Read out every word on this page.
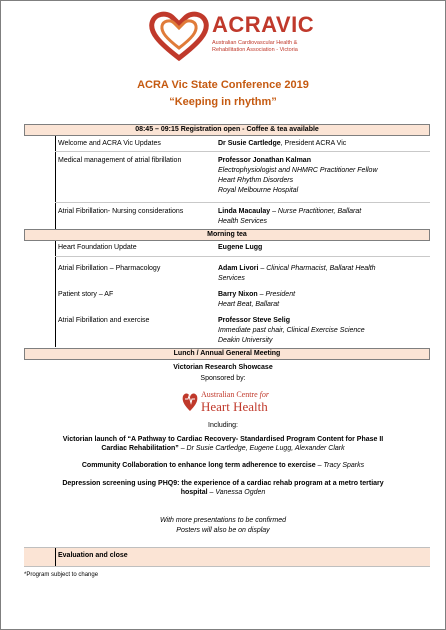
ACRAVIC
Australian Cardiovascular Health &
Rehabilitation Association - Victoria
ACRA Vic State Conference 2019
“Keeping in rhythm”
08:45 – 09:15 Registration open - Coffee & tea available
Welcome and ACRA Vic Updates	Dr Susie Cartledge, President ACRA Vic
Medical management of atrial fibrillation	Professor Jonathan Kalman
Electrophysiologist and NHMRC Practitioner Fellow
Heart Rhythm Disorders
Royal Melbourne Hospital
Atrial Fibrillation- Nursing considerations	Linda Macaulay – Nurse Practitioner, Ballarat
Health Services
Morning tea
Heart Foundation Update	Eugene Lugg
Atrial Fibrillation – Pharmacology	Adam Livori – Clinical Pharmacist, Ballarat Health
Services
Patient story – AF	Barry Nixon – President
Heart Beat, Ballarat
Atrial Fibrillation and exercise	Professor Steve Selig
Immediate past chair, Clinical Exercise Science
Deakin University
Lunch / Annual General Meeting
Victorian Research Showcase
Sponsored by:
Australian Centre for
Heart Health
Including:
Victorian launch of “A Pathway to Cardiac Recovery- Standardised Program Content for Phase II
Cardiac Rehabilitation” – Dr Susie Cartledge, Eugene Lugg, Alexander Clark
Community Collaboration to enhance long term adherence to exercise – Tracy Sparks
Depression screening using PHQ9: the experience of a cardiac rehab program at a metro tertiary
hospital – Vanessa Ogden
With more presentations to be confirmed
Posters will also be on display
Evaluation and close
*Program subject to change
